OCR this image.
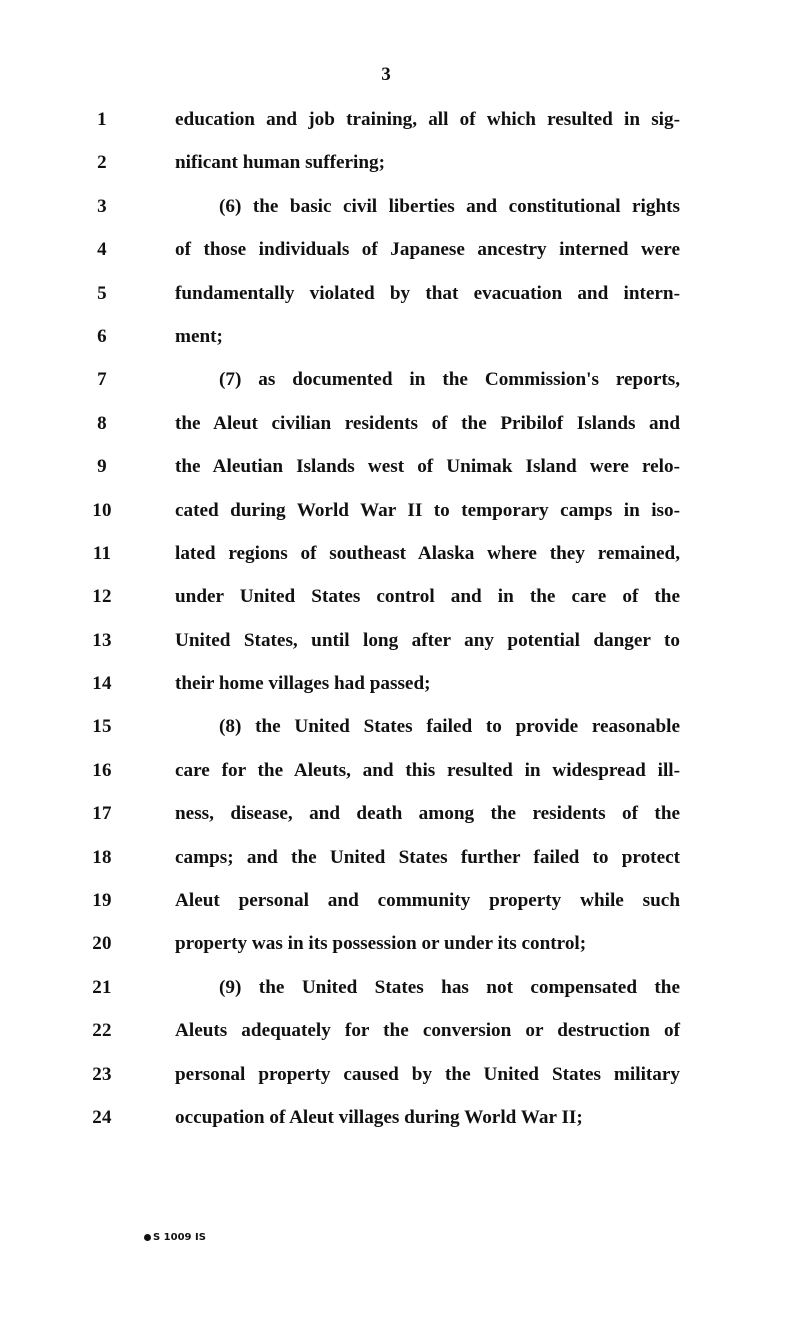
3
1	education and job training, all of which resulted in sig-
2	nificant human suffering;
3	(6) the basic civil liberties and constitutional rights
4	of those individuals of Japanese ancestry interned were
5	fundamentally violated by that evacuation and intern-
6	ment;
7	(7) as documented in the Commission's reports,
8	the Aleut civilian residents of the Pribilof Islands and
9	the Aleutian Islands west of Unimak Island were relo-
10	cated during World War II to temporary camps in iso-
11	lated regions of southeast Alaska where they remained,
12	under United States control and in the care of the
13	United States, until long after any potential danger to
14	their home villages had passed;
15	(8) the United States failed to provide reasonable
16	care for the Aleuts, and this resulted in widespread ill-
17	ness, disease, and death among the residents of the
18	camps; and the United States further failed to protect
19	Aleut personal and community property while such
20	property was in its possession or under its control;
21	(9) the United States has not compensated the
22	Aleuts adequately for the conversion or destruction of
23	personal property caused by the United States military
24	occupation of Aleut villages during World War II;
S 1009 IS
